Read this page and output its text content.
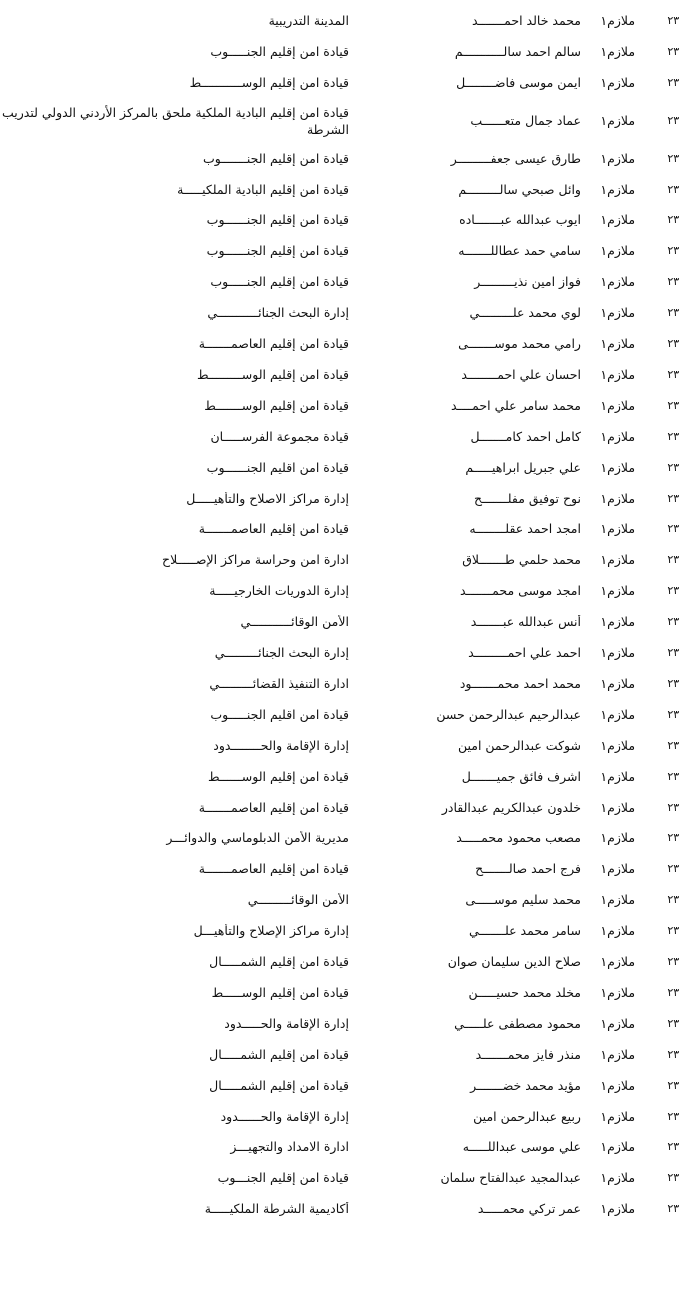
٢٣
ملازم١
محمد خالد احمـــــــد
المدينة التدريبية
٢٣
ملازم١
سالم احمد سالـــــــــــم
قيادة امن إقليم الجنـــــوب
٢٣
ملازم١
ايمن موسى فاضــــــــل
قيادة امن إقليم الوســـــــــــط
٢٣
ملازم١
عماد جمال متعــــــب
قيادة امن إقليم البادية الملكية ملحق بالمركز الأردني الدولي لتدريب الشرطة
٢٣
ملازم١
طارق عيسى جعفـــــــــر
قيادة امن إقليم الجنـــــــوب
٢٣
ملازم١
وائل صبحي سالـــــــــم
قيادة امن إقليم البادية الملكيـــــة
٢٣
ملازم١
ايوب عبدالله عبـــــــاده
قيادة امن إقليم الجنــــــوب
٢٣
ملازم١
سامي حمد عطاللـــــــه
قيادة امن إقليم الجنــــــوب
٢٣
ملازم١
فواز امين نذيـــــــــر
قيادة امن إقليم الجنـــــوب
٢٣
ملازم١
لوي محمد علـــــــــي
إدارة البحث الجنائـــــــــــي
٢٣
ملازم١
رامي محمد موســـــــى
قيادة امن إقليم العاصمـــــــة
٢٣
ملازم١
احسان علي احمــــــــد
قيادة امن إقليم الوســـــــــط
٢٣
ملازم١
محمد سامر علي احمــــد
قيادة امن إقليم الوســـــــط
٢٣
ملازم١
كامل احمد كامـــــــل
قيادة مجموعة الفرســـــان
٢٣
ملازم١
علي جبريل ابراهيـــــم
قيادة امن اقليم الجنــــــوب
٢٣
ملازم١
نوح توفيق مفلـــــــح
إدارة مراكز الاصلاح والتأهيـــــل
٢٣
ملازم١
امجد احمد عقلــــــــه
قيادة امن إقليم العاصمـــــــة
٢٣
ملازم١
محمد حلمي طـــــــلاق
ادارة امن وحراسة مراكز الإصـــــلاح
٢٣
ملازم١
امجد موسى محمـــــــد
إدارة الدوريات الخارجيـــــة
٢٣
ملازم١
أنس عبدالله عبـــــــد
الأمن الوقائـــــــــــي
٢٣
ملازم١
احمد علي احمـــــــــد
إدارة البحث الجنائـــــــــي
٢٣
ملازم١
محمد احمد محمـــــــود
ادارة التنفيذ القضائـــــــــي
٢٣
ملازم١
عبدالرحيم عبدالرحمن حسن
قيادة امن اقليم الجنـــــوب
٢٣
ملازم١
شوكت عبدالرحمن امين
إدارة الإقامة والحــــــــدود
٢٣
ملازم١
اشرف فائق جميـــــــل
قيادة امن إقليم الوســــــط
٢٣
ملازم١
خلدون عبدالكريم عبدالقادر
قيادة امن إقليم العاصمـــــــة
٢٣
ملازم١
مصعب محمود محمـــــد
مديرية الأمن الدبلوماسي والدوائـــر
٢٣
ملازم١
فرج احمد صالـــــــح
قيادة امن إقليم العاصمـــــــة
٢٣
ملازم١
محمد سليم موســـــى
الأمن الوقائـــــــــي
٢٣
ملازم١
سامر محمد علـــــــي
إدارة مراكز الإصلاح والتأهيـــل
٢٣
ملازم١
صلاح الدين سليمان صوان
قيادة امن إقليم الشمـــــال
٢٣
ملازم١
مخلد محمد حسيـــــن
قيادة امن إقليم الوســـــط
٢٣
ملازم١
محمود مصطفى علـــــي
إدارة الإقامة والحـــــدود
٢٣
ملازم١
منذر فايز محمـــــــد
قيادة امن إقليم الشمـــــال
٢٣
ملازم١
مؤيد محمد خضـــــــر
قيادة امن إقليم الشمـــــال
٢٣
ملازم١
ربيع عبدالرحمن امين
إدارة الإقامة والحــــــدود
٢٣
ملازم١
علي موسى عبداللـــــه
ادارة الامداد والتجهيـــز
٢٣
ملازم١
عبدالمجيد عبدالفتاح سلمان
قيادة امن إقليم الجنـــوب
٢٣
ملازم١
عمر تركي محمـــــد
أكاديمية الشرطة الملكيـــــة
